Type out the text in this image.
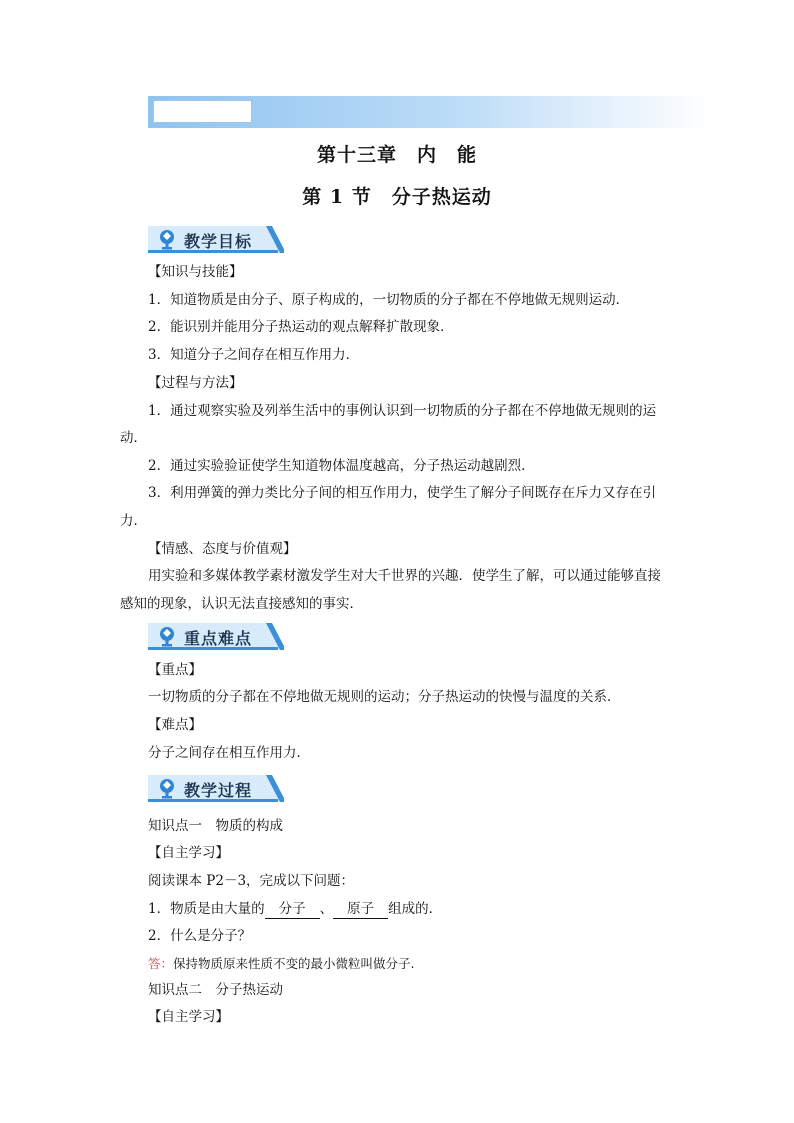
第十三章　内　能
第 1 节　分子热运动
教学目标
【知识与技能】
1．知道物质是由分子、原子构成的，一切物质的分子都在不停地做无规则运动．
2．能识别并能用分子热运动的观点解释扩散现象．
3．知道分子之间存在相互作用力．
【过程与方法】
1．通过观察实验及列举生活中的事例认识到一切物质的分子都在不停地做无规则的运
动．
2．通过实验验证使学生知道物体温度越高，分子热运动越剧烈．
3．利用弹簧的弹力类比分子间的相互作用力，使学生了解分子间既存在斥力又存在引
力．
【情感、态度与价值观】
用实验和多媒体教学素材激发学生对大千世界的兴趣．使学生了解，可以通过能够直接
感知的现象，认识无法直接感知的事实．
重点难点
【重点】
一切物质的分子都在不停地做无规则的运动；分子热运动的快慢与温度的关系．
【难点】
分子之间存在相互作用力．
教学过程
知识点一　物质的构成
【自主学习】
阅读课本 P2－3，完成以下问题：
1．物质是由大量的 分子 、 原子 组成的．
2．什么是分子？
答：保持物质原来性质不变的最小微粒叫做分子.
知识点二　分子热运动
【自主学习】
